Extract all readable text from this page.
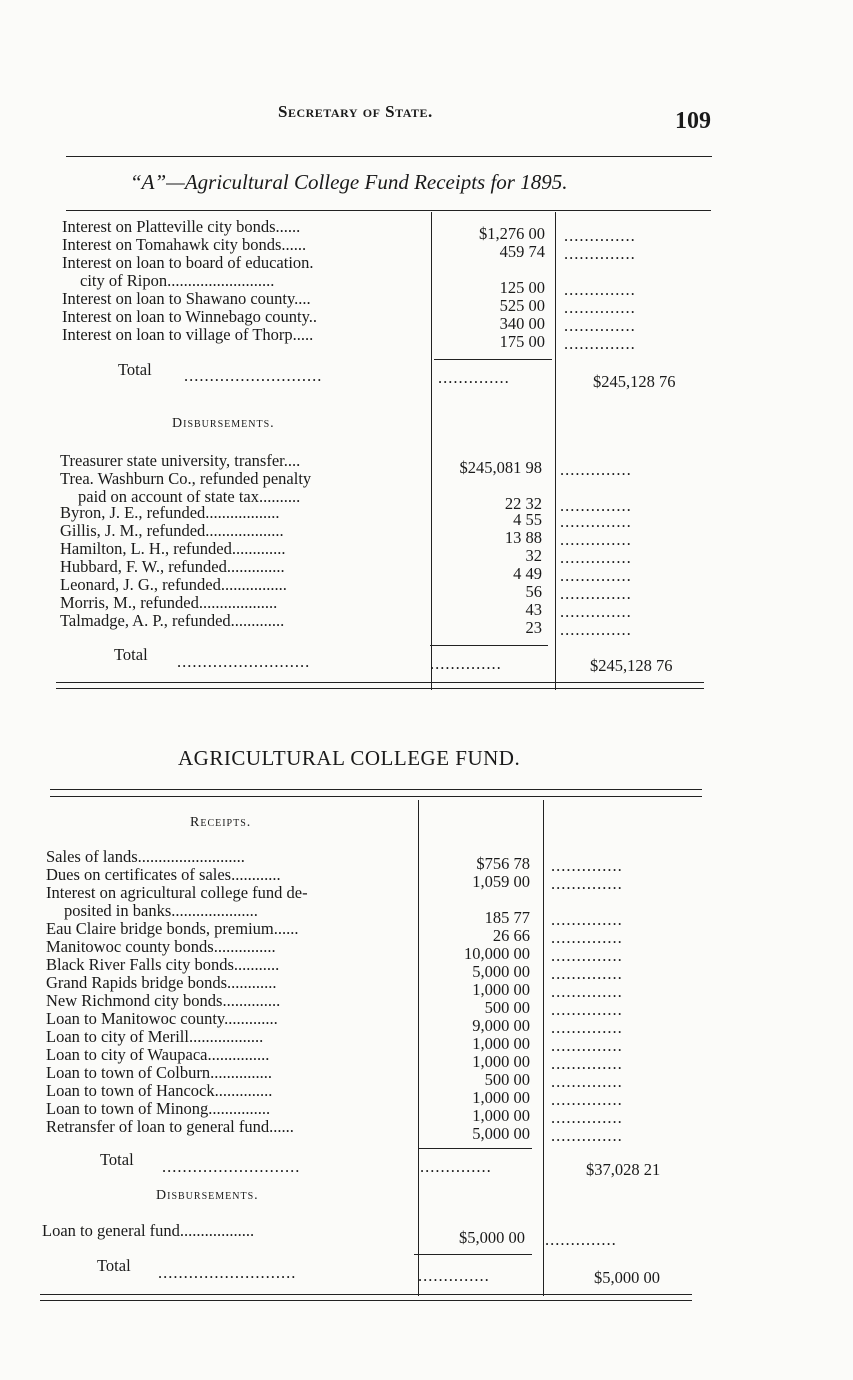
Secretary of State.	109
“A”—Agricultural College Fund Receipts for 1895.
Interest on Platteville city bonds......	$1,276 00 ..............
Interest on Tomahawk city bonds......	459 74 ..............
Interest on loan to board of education.
city of Ripon..........................	125 00 ..............
Interest on loan to Shawano county....	525 00 ..............
Interest on loan to Winnebago county..	340 00 ..............
Interest on loan to village of Thorp.....	175 00 ..............
Total ...........................	..............	$245,128 76
Disbursements.
Treasurer state university, transfer....	$245,081 98 ..............
Trea. Washburn Co., refunded penalty
paid on account of state tax..........	22 32 ..............
Byron, J. E., refunded..................	4 55 ..............
Gillis, J. M., refunded...................	13 88 ..............
Hamilton, L. H., refunded.............	32 ..............
Hubbard, F. W., refunded..............	4 49 ..............
Leonard, J. G., refunded................	56 ..............
Morris, M., refunded...................	43 ..............
Talmadge, A. P., refunded.............	23 ..............
Total ..........................	..............	$245,128 76
AGRICULTURAL COLLEGE FUND.
Receipts.
Sales of lands..........................	$756 78 ..............
Dues on certificates of sales............	1,059 00 ..............
Interest on agricultural college fund de-
posited in banks.....................	185 77 ..............
Eau Claire bridge bonds, premium......	26 66 ..............
Manitowoc county bonds...............	10,000 00 ..............
Black River Falls city bonds...........	5,000 00 ..............
Grand Rapids bridge bonds............	1,000 00 ..............
New Richmond city bonds..............	500 00 ..............
Loan to Manitowoc county.............	9,000 00 ..............
Loan to city of Merill..................	1,000 00 ..............
Loan to city of Waupaca...............	1,000 00 ..............
Loan to town of Colburn...............	500 00 ..............
Loan to town of Hancock..............	1,000 00 ..............
Loan to town of Minong...............	1,000 00 ..............
Retransfer of loan to general fund......	5,000 00 ..............
Total ...........................	..............	$37,028 21
Disbursements.
Loan to general fund..................	$5,000 00 ..............
Total ...........................	..............	$5,000 00
